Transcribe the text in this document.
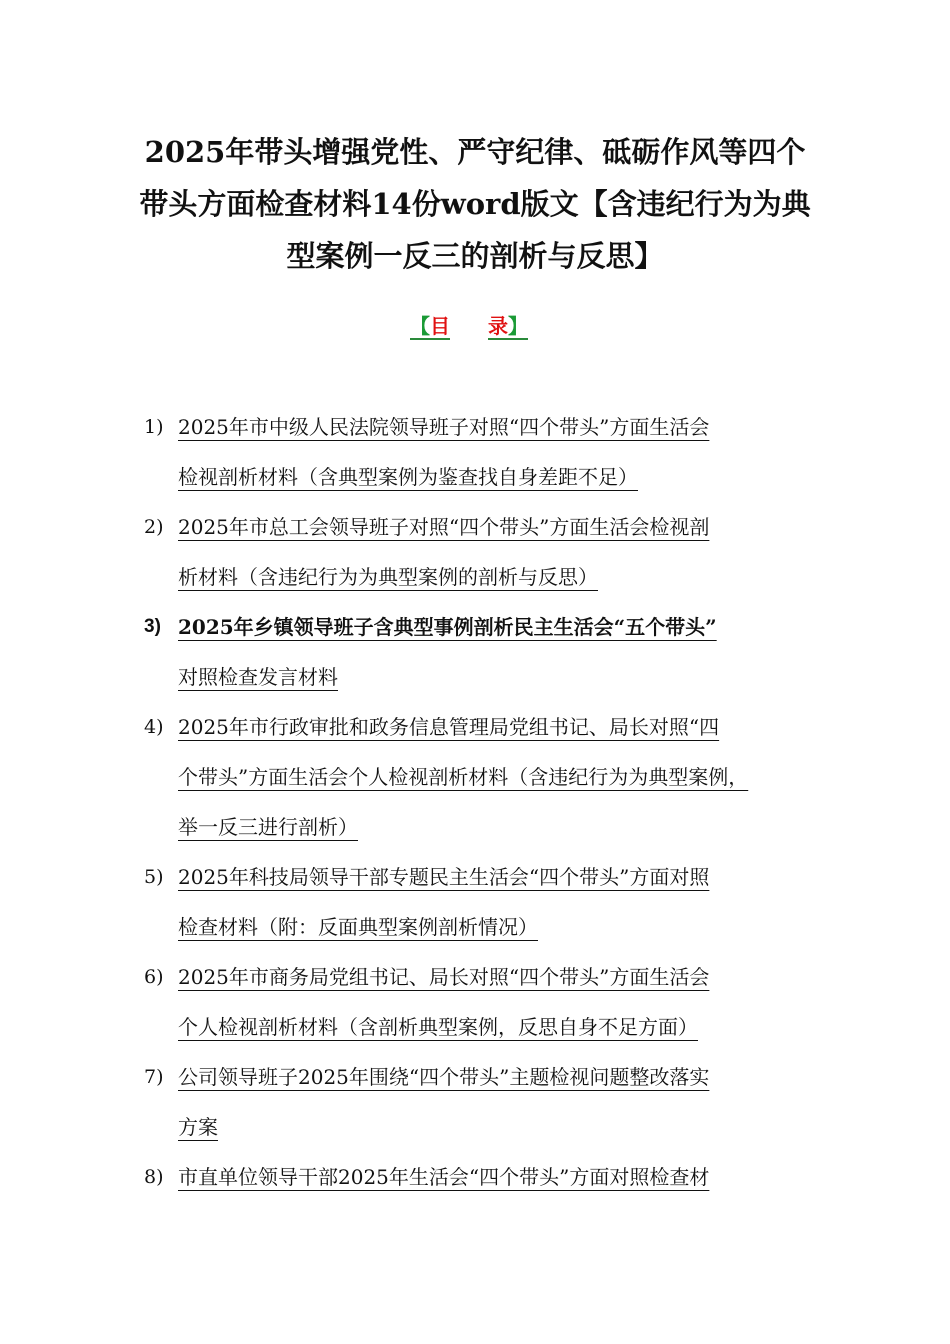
2025年带头增强党性、严守纪律、砥砺作风等四个
带头方面检查材料14份word版文【含违纪行为为典
型案例一反三的剖析与反思】
【目 录】
1) 2025年市中级人民法院领导班子对照“四个带头”方面生活会
检视剖析材料（含典型案例为鉴查找自身差距不足）
2) 2025年市总工会领导班子对照“四个带头”方面生活会检视剖
析材料（含违纪行为为典型案例的剖析与反思）
3) 2025年乡镇领导班子含典型事例剖析民主生活会“五个带头”
对照检查发言材料
4) 2025年市行政审批和政务信息管理局党组书记、局长对照“四
个带头”方面生活会个人检视剖析材料（含违纪行为为典型案例，
举一反三进行剖析）
5) 2025年科技局领导干部专题民主生活会“四个带头”方面对照
检查材料（附：反面典型案例剖析情况）
6) 2025年市商务局党组书记、局长对照“四个带头”方面生活会
个人检视剖析材料（含剖析典型案例，反思自身不足方面）
7) 公司领导班子2025年围绕“四个带头”主题检视问题整改落实
方案
8) 市直单位领导干部2025年生活会“四个带头”方面对照检查材
